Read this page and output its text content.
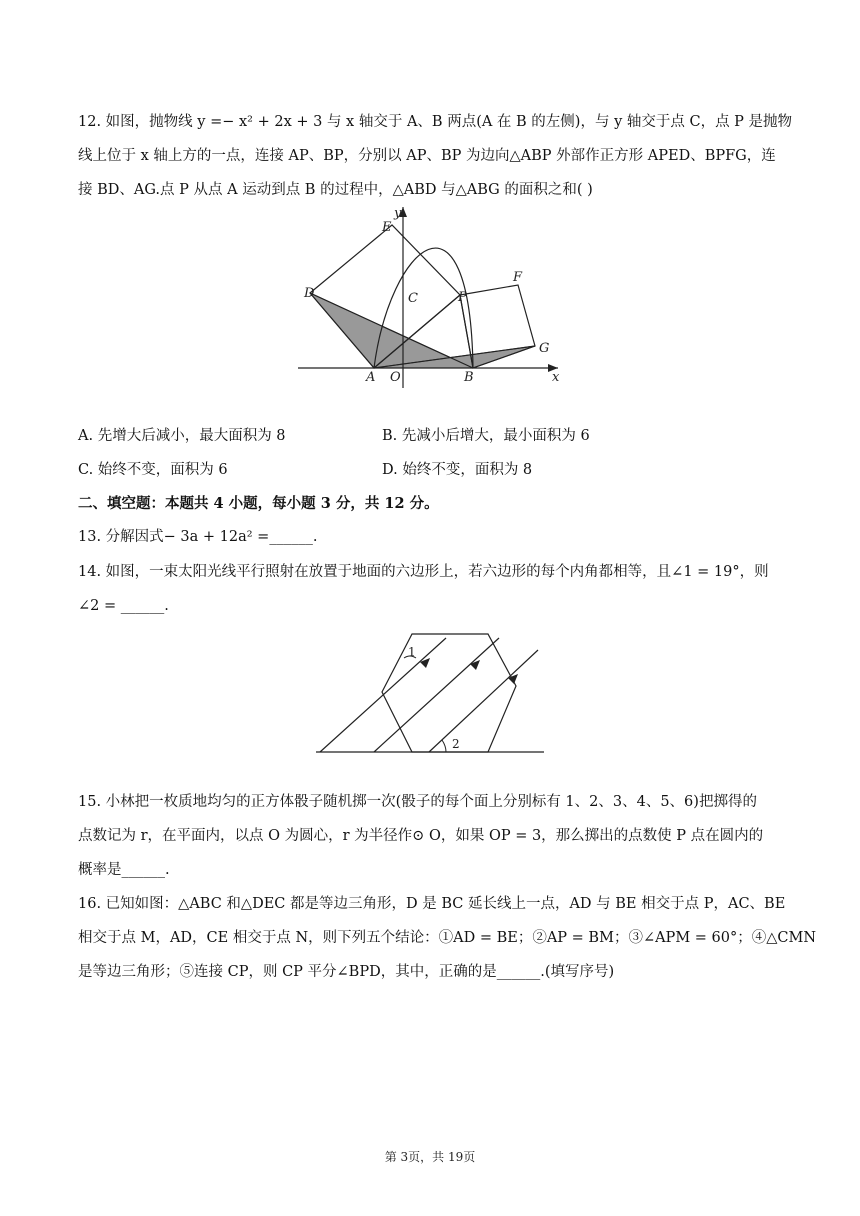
12. 如图，抛物线 y =− x² + 2x + 3 与 x 轴交于 A、B 两点(A 在 B 的左侧)，与 y 轴交于点 C，点 P 是抛物
线上位于 x 轴上方的一点，连接 AP、BP，分别以 AP、BP 为边向△ABP 外部作正方形 APED、BPFG，连
接 BD、AG.点 P 从点 A 运动到点 B 的过程中，△ABD 与△ABG 的面积之和( )
E
y
D	C	P
F
G
A O	B	x
A. 先增大后减小，最大面积为 8	B. 先减小后增大，最小面积为 6
C. 始终不变，面积为 6	D. 始终不变，面积为 8
二、填空题：本题共 4 小题，每小题 3 分，共 12 分。
13. 分解因式− 3a + 12a² =______.
14. 如图，一束太阳光线平行照射在放置于地面的六边形上，若六边形的每个内角都相等，且∠1 = 19°，则
∠2 = ______.
1
2
15. 小林把一枚质地均匀的正方体骰子随机掷一次(骰子的每个面上分别标有 1、2、3、4、5、6)把掷得的
点数记为 r，在平面内，以点 O 为圆心，r 为半径作⊙ O，如果 OP = 3，那么掷出的点数使 P 点在圆内的
概率是______.
16. 已知如图：△ABC 和△DEC 都是等边三角形，D 是 BC 延长线上一点，AD 与 BE 相交于点 P，AC、BE
相交于点 M，AD，CE 相交于点 N，则下列五个结论：①AD = BE；②AP = BM；③∠APM = 60°；④△CMN
是等边三角形；⑤连接 CP，则 CP 平分∠BPD，其中，正确的是______.(填写序号)
第 3页，共 19页
